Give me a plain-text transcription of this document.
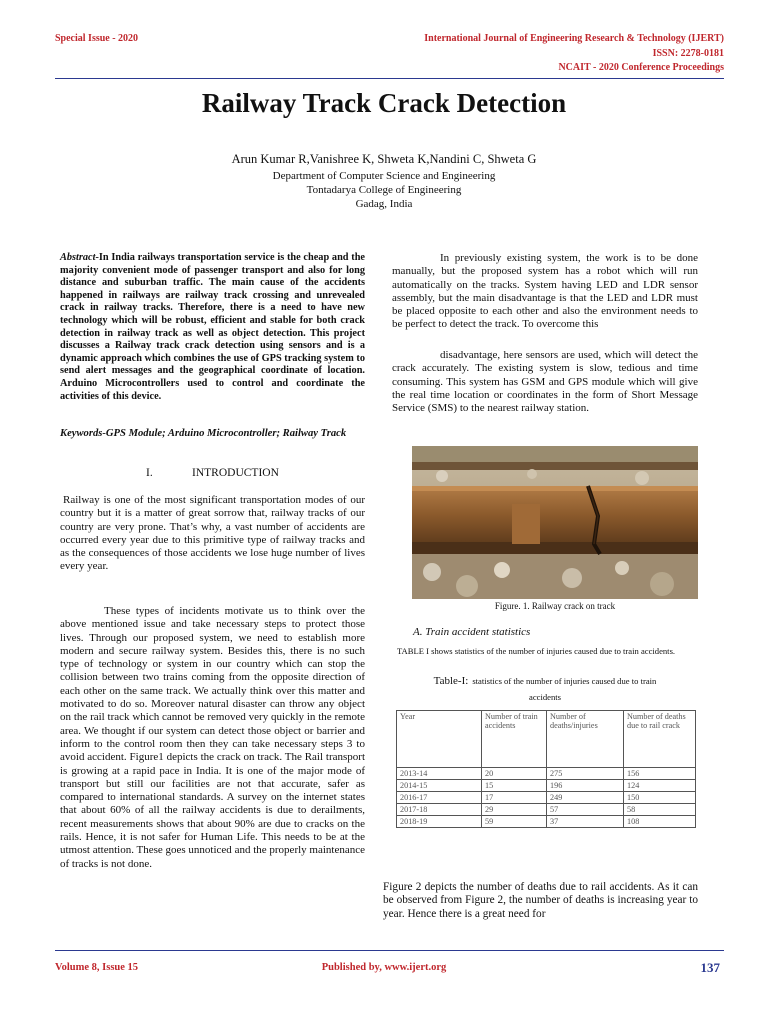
Special Issue - 2020	International Journal of Engineering Research & Technology (IJERT)
ISSN: 2278-0181
NCAIT - 2020 Conference Proceedings
Railway Track Crack Detection
Arun Kumar R,Vanishree K, Shweta K,Nandini C, Shweta G
Department of Computer Science and Engineering
Tontadarya College of Engineering
Gadag, India
Abstract-In India railways transportation service is the cheap and the majority convenient mode of passenger transport and also for long distance and suburban traffic. The main cause of the accidents happened in railways are railway track crossing and unrevealed crack in railway tracks. Therefore, there is a need to have new technology which will be robust, efficient and stable for both crack detection in railway track as well as object detection. This project discusses a Railway track crack detection using sensors and is a dynamic approach which combines the use of GPS tracking system to send alert messages and the geographical coordinate of location. Arduino Microcontrollers used to control and coordinate the activities of this device.
Keywords-GPS Module; Arduino Microcontroller; Railway Track
I.	INTRODUCTION
Railway is one of the most significant transportation modes of our country but it is a matter of great sorrow that, railway tracks of our country are very prone. That’s why, a vast number of accidents are occurred every year due to this primitive type of railway tracks and as the consequences of those accidents we lose huge number of lives every year.
These types of incidents motivate us to think over the above mentioned issue and take necessary steps to protect those lives. Through our proposed system, we need to establish more modern and secure railway system. Besides this, there is no such type of technology or system in our country which can stop the collision between two trains coming from the opposite direction of each other on the same track. We actually think over this matter and motivated to do so. Moreover natural disaster can throw any object on the rail track which cannot be removed very quickly in the remote area. We thought if our system can detect those object or barrier and inform to the control room then they can take necessary steps 3 to avoid accident. Figure1 depicts the crack on track. The Rail transport is growing at a rapid pace in India. It is one of the major mode of transport but still our facilities are not that accurate, safer as compared to international standards. A survey on the internet states that about 60% of all the railway accidents is due to derailments, recent measurements shows that about 90% are due to cracks on the rails. Hence, it is not safer for Human Life. This needs to be at the utmost attention. These goes unnoticed and the properly maintenance of tracks is not done.
In previously existing system, the work is to be done manually, but the proposed system has a robot which will run automatically on the tracks. System having LED and LDR sensor assembly, but the main disadvantage is that the LED and LDR must be placed opposite to each other and also the environment needs to be perfect to detect the track. To overcome this
disadvantage, here sensors are used, which will detect the crack accurately. The existing system is slow, tedious and time consuming. This system has GSM and GPS module which will give the real time location or coordinates in the form of Short Message Service (SMS) to the nearest railway station.
Figure. 1. Railway crack on track
A. Train accident statistics
TABLE I shows statistics of the number of injuries caused due to train accidents.
Table-I: statistics of the number of injuries caused due to train
accidents
Year	Number of train accidents	Number of deaths/injuries	Number of deaths due to rail crack
2013-14	20	275	156
2014-15	15	196	124
2016-17	17	249	150
2017-18	29	57	58
2018-19	59	37	108
Figure 2 depicts the number of deaths due to rail accidents. As it can be observed from Figure 2, the number of deaths is increasing year to year. Hence there is a great need for
Volume 8, Issue 15	Published by, www.ijert.org	137
